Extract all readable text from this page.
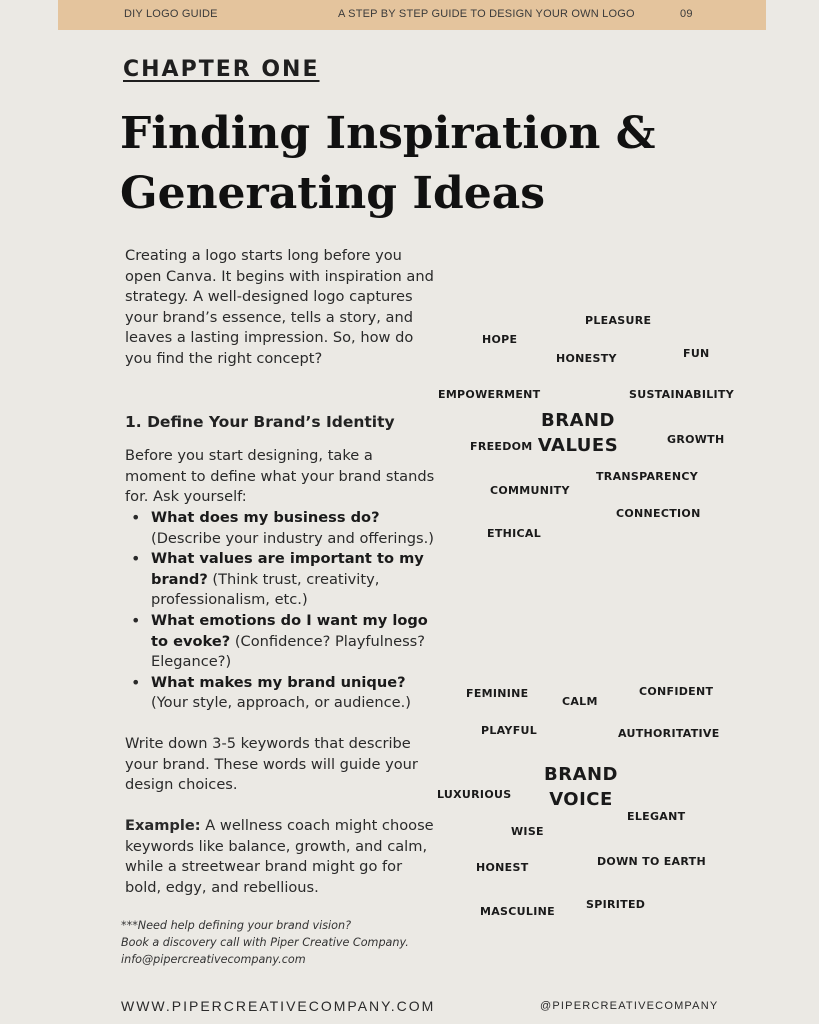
DIY LOGO GUIDE	A STEP BY STEP GUIDE TO DESIGN YOUR OWN LOGO	09
CHAPTER ONE
Finding Inspiration &
Generating Ideas

Creating a logo starts long before you open Canva. It begins with inspiration and strategy. A well-designed logo captures your brand’s essence, tells a story, and leaves a lasting impression. So, how do you find the right concept?

1. Define Your Brand’s Identity

Before you start designing, take a moment to define what your brand stands for. Ask yourself:

• What does my business do? (Describe your industry and offerings.)
• What values are important to my brand? (Think trust, creativity, professionalism, etc.)
• What emotions do I want my logo to evoke? (Confidence? Playfulness? Elegance?)
• What makes my brand unique? (Your style, approach, or audience.)

Write down 3-5 keywords that describe your brand. These words will guide your design choices.

Example: A wellness coach might choose keywords like balance, growth, and calm, while a streetwear brand might go for bold, edgy, and rebellious.

***Need help defining your brand vision?
Book a discovery call with Piper Creative Company.
info@pipercreativecompany.com
PLEASURE
HOPE
HONESTY	FUN
EMPOWERMENT	SUSTAINABILITY
BRAND
VALUES
FREEDOM
GROWTH
TRANSPARENCY
COMMUNITY
CONNECTION
ETHICAL
FEMININE
CALM
CONFIDENT
PLAYFUL	AUTHORITATIVE
BRAND
VOICE
LUXURIOUS
ELEGANT
WISE
HONEST	DOWN TO EARTH
MASCULINE
SPIRITED
WWW.PIPERCREATIVECOMPANY.COM	@PIPERCREATIVECOMPANY
